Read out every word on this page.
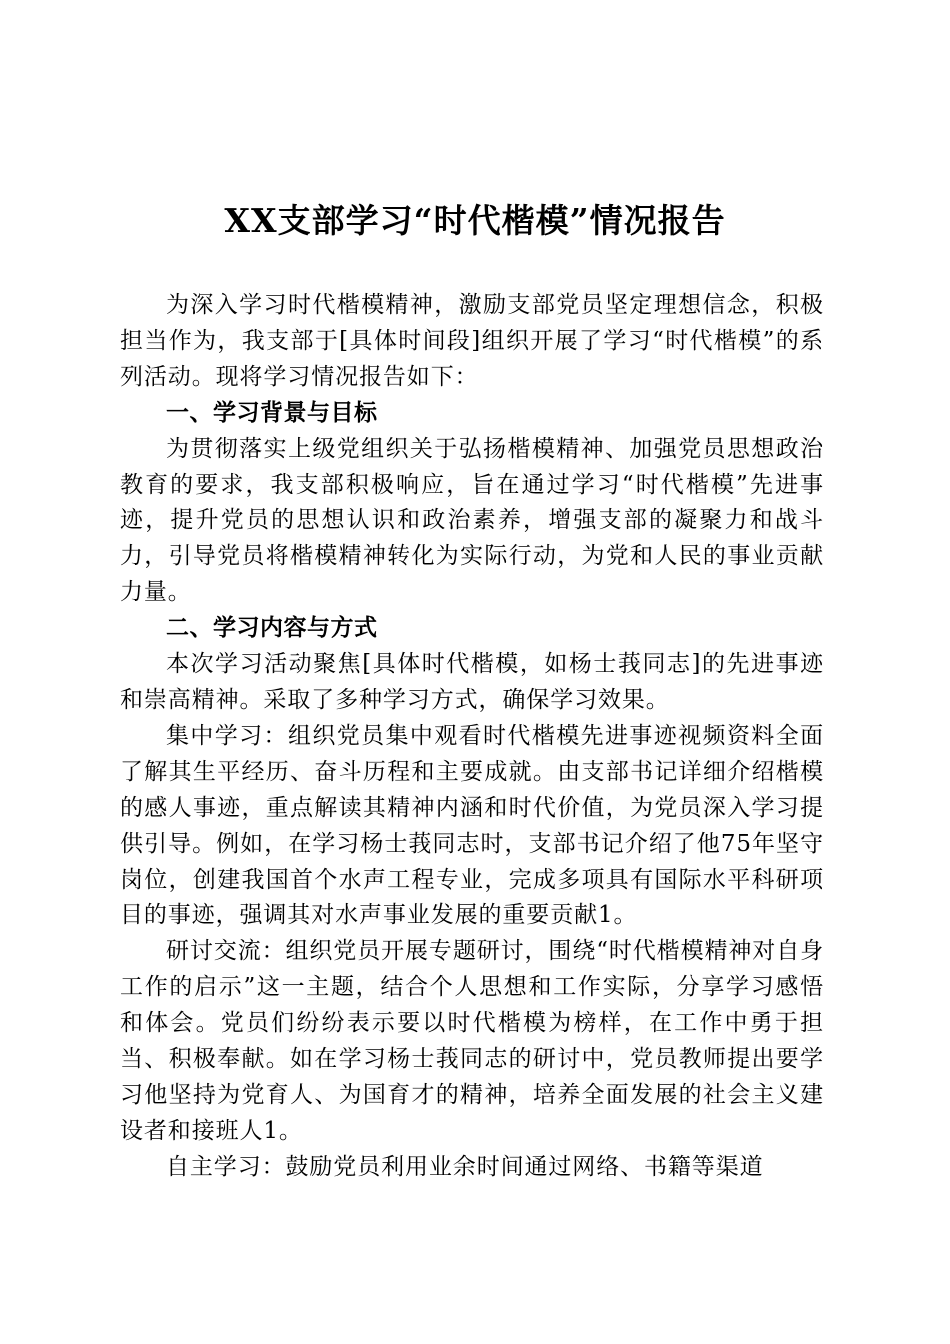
XX支部学习“时代楷模”情况报告

为深入学习时代楷模精神，激励支部党员坚定理想信念，积极担当作为，我支部于[具体时间段]组织开展了学习“时代楷模”的系列活动。现将学习情况报告如下：

一、学习背景与目标

为贯彻落实上级党组织关于弘扬楷模精神、加强党员思想政治教育的要求，我支部积极响应，旨在通过学习“时代楷模”先进事迹，提升党员的思想认识和政治素养，增强支部的凝聚力和战斗力，引导党员将楷模精神转化为实际行动，为党和人民的事业贡献力量。

二、学习内容与方式

本次学习活动聚焦[具体时代楷模，如杨士莪同志]的先进事迹和崇高精神。采取了多种学习方式，确保学习效果。

集中学习：组织党员集中观看时代楷模先进事迹视频资料全面了解其生平经历、奋斗历程和主要成就。由支部书记详细介绍楷模的感人事迹，重点解读其精神内涵和时代价值，为党员深入学习提供引导。例如，在学习杨士莪同志时，支部书记介绍了他75年坚守岗位，创建我国首个水声工程专业，完成多项具有国际水平科研项目的事迹，强调其对水声事业发展的重要贡献1。

研讨交流：组织党员开展专题研讨，围绕“时代楷模精神对自身工作的启示”这一主题，结合个人思想和工作实际，分享学习感悟和体会。党员们纷纷表示要以时代楷模为榜样，在工作中勇于担当、积极奉献。如在学习杨士莪同志的研讨中，党员教师提出要学习他坚持为党育人、为国育才的精神，培养全面发展的社会主义建设者和接班人1。

自主学习：鼓励党员利用业余时间通过网络、书籍等渠道
